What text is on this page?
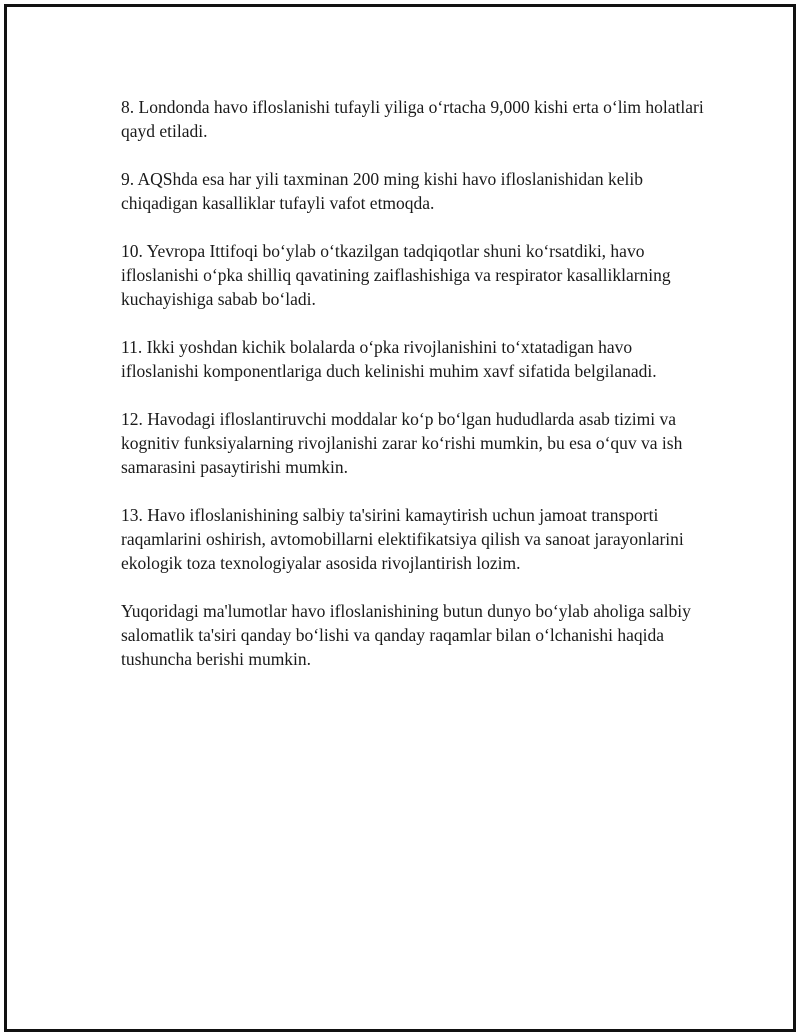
8. Londonda havo ifloslanishi tufayli yiliga o‘rtacha 9,000 kishi erta o‘lim holatlari qayd etiladi.

9. AQShda esa har yili taxminan 200 ming kishi havo ifloslanishidan kelib chiqadigan kasalliklar tufayli vafot etmoqda.

10. Yevropa Ittifoqi bo‘ylab o‘tkazilgan tadqiqotlar shuni ko‘rsatdiki, havo ifloslanishi o‘pka shilliq qavatining zaiflashishiga va respirator kasalliklarning kuchayishiga sabab bo‘ladi.

11. Ikki yoshdan kichik bolalarda o‘pka rivojlanishini to‘xtatadigan havo ifloslanishi komponentlariga duch kelinishi muhim xavf sifatida belgilanadi.

12. Havodagi ifloslantiruvchi moddalar ko‘p bo‘lgan hududlarda asab tizimi va kognitiv funksiyalarning rivojlanishi zarar ko‘rishi mumkin, bu esa o‘quv va ish samarasini pasaytirishi mumkin.

13. Havo ifloslanishining salbiy ta'sirini kamaytirish uchun jamoat transporti raqamlarini oshirish, avtomobillarni elektifikatsiya qilish va sanoat jarayonlarini ekologik toza texnologiyalar asosida rivojlantirish lozim.

Yuqoridagi ma'lumotlar havo ifloslanishining butun dunyo bo‘ylab aholiga salbiy salomatlik ta'siri qanday bo‘lishi va qanday raqamlar bilan o‘lchanishi haqida tushuncha berishi mumkin.
